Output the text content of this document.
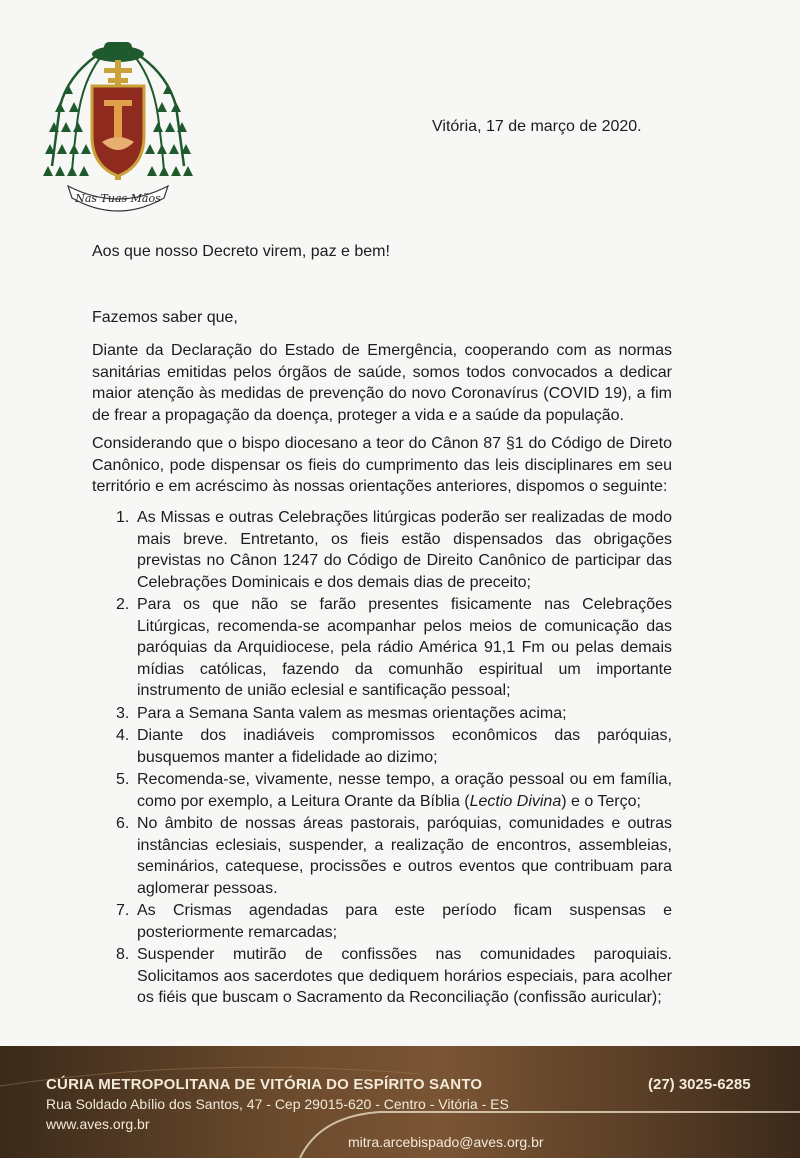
Nas Tuas Mãos
Vitória, 17 de março de 2020.
Aos que nosso Decreto virem, paz e bem!
Fazemos saber que,
Diante da Declaração do Estado de Emergência, cooperando com as normas sanitárias emitidas pelos órgãos de saúde, somos todos convocados a dedicar maior atenção às medidas de prevenção do novo Coronavírus (COVID 19), a fim de frear a propagação da doença, proteger a vida e a saúde da população.
Considerando que o bispo diocesano a teor do Cânon 87 §1 do Código de Direto Canônico, pode dispensar os fieis do cumprimento das leis disciplinares em seu território e em acréscimo às nossas orientações anteriores, dispomos o seguinte:
1. As Missas e outras Celebrações litúrgicas poderão ser realizadas de modo mais breve. Entretanto, os fieis estão dispensados das obrigações previstas no Cânon 1247 do Código de Direito Canônico de participar das Celebrações Dominicais e dos demais dias de preceito;
2. Para os que não se farão presentes fisicamente nas Celebrações Litúrgicas, recomenda-se acompanhar pelos meios de comunicação das paróquias da Arquidiocese, pela rádio América 91,1 Fm ou pelas demais mídias católicas, fazendo da comunhão espiritual um importante instrumento de união eclesial e santificação pessoal;
3. Para a Semana Santa valem as mesmas orientações acima;
4. Diante dos inadiáveis compromissos econômicos das paróquias, busquemos manter a fidelidade ao dizimo;
5. Recomenda-se, vivamente, nesse tempo, a oração pessoal ou em família, como por exemplo, a Leitura Orante da Bíblia (Lectio Divina) e o Terço;
6. No âmbito de nossas áreas pastorais, paróquias, comunidades e outras instâncias eclesiais, suspender, a realização de encontros, assembleias, seminários, catequese, procissões e outros eventos que contribuam para aglomerar pessoas.
7. As Crismas agendadas para este período ficam suspensas e posteriormente remarcadas;
8. Suspender mutirão de confissões nas comunidades paroquiais. Solicitamos aos sacerdotes que dediquem horários especiais, para acolher os fiéis que buscam o Sacramento da Reconciliação (confissão auricular);
CÚRIA METROPOLITANA DE VITÓRIA DO ESPÍRITO SANTO
Rua Soldado Abílio dos Santos, 47 - Cep 29015-620 - Centro - Vitória - ES
www.aves.org.br
(27) 3025-6285
mitra.arcebispado@aves.org.br
